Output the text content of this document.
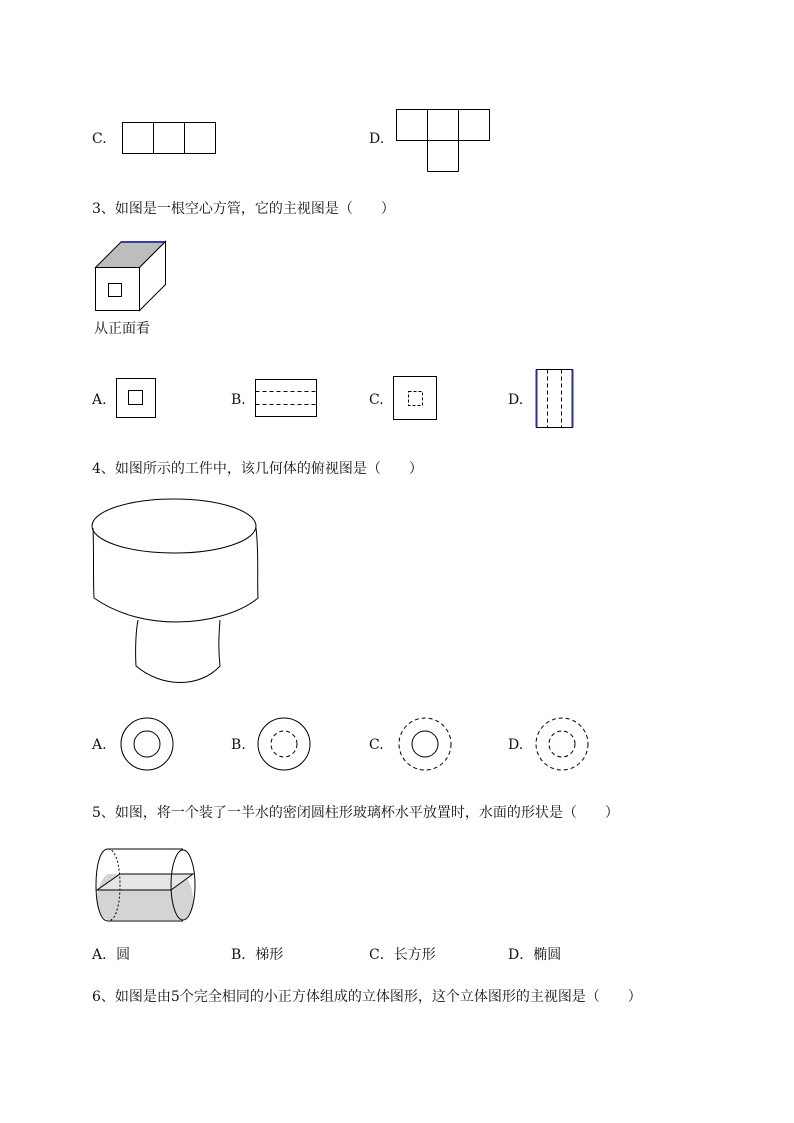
C.	D.
3、如图是一根空心方管，它的主视图是（　　）
从正面看
A.	B.	C.	D.
4、如图所示的工件中，该几何体的俯视图是（　　）
A.	B.	C.	D.
5、如图，将一个装了一半水的密闭圆柱形玻璃杯水平放置时，水面的形状是（　　）
A．圆	B．梯形	C．长方形	D．椭圆
6、如图是由5个完全相同的小正方体组成的立体图形，这个立体图形的主视图是（　　）
